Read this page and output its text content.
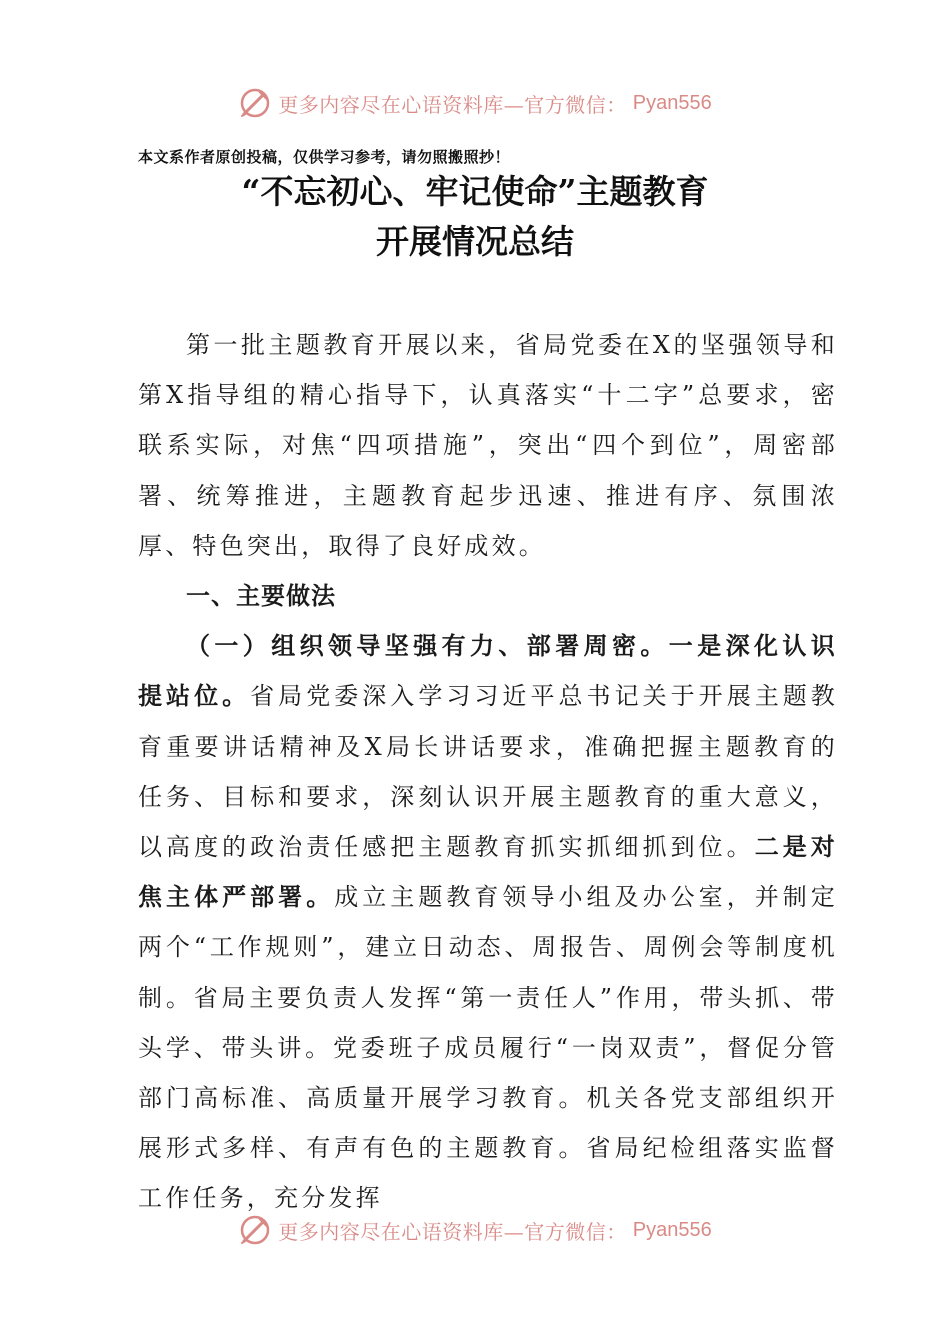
更多内容尽在心语资料库—官方微信： Pyan556
本文系作者原创投稿，仅供学习参考，请勿照搬照抄！
“不忘初心、牢记使命”主题教育
开展情况总结

第一批主题教育开展以来，省局党委在X的坚强领导和第X指导组的精心指导下，认真落实“十二字”总要求，密联系实际，对焦“四项措施”，突出“四个到位”，周密部署、统筹推进，主题教育起步迅速、推进有序、氛围浓厚、特色突出，取得了良好成效。

一、主要做法

（一）组织领导坚强有力、部署周密。一是深化认识提站位。省局党委深入学习习近平总书记关于开展主题教育重要讲话精神及X局长讲话要求，准确把握主题教育的任务、目标和要求，深刻认识开展主题教育的重大意义，以高度的政治责任感把主题教育抓实抓细抓到位。二是对焦主体严部署。成立主题教育领导小组及办公室，并制定两个“工作规则”，建立日动态、周报告、周例会等制度机制。省局主要负责人发挥“第一责任人”作用，带头抓、带头学、带头讲。党委班子成员履行“一岗双责”，督促分管部门高标准、高质量开展学习教育。机关各党支部组织开展形式多样、有声有色的主题教育。省局纪检组落实监督工作任务，充分发挥

更多内容尽在心语资料库—官方微信： Pyan556
